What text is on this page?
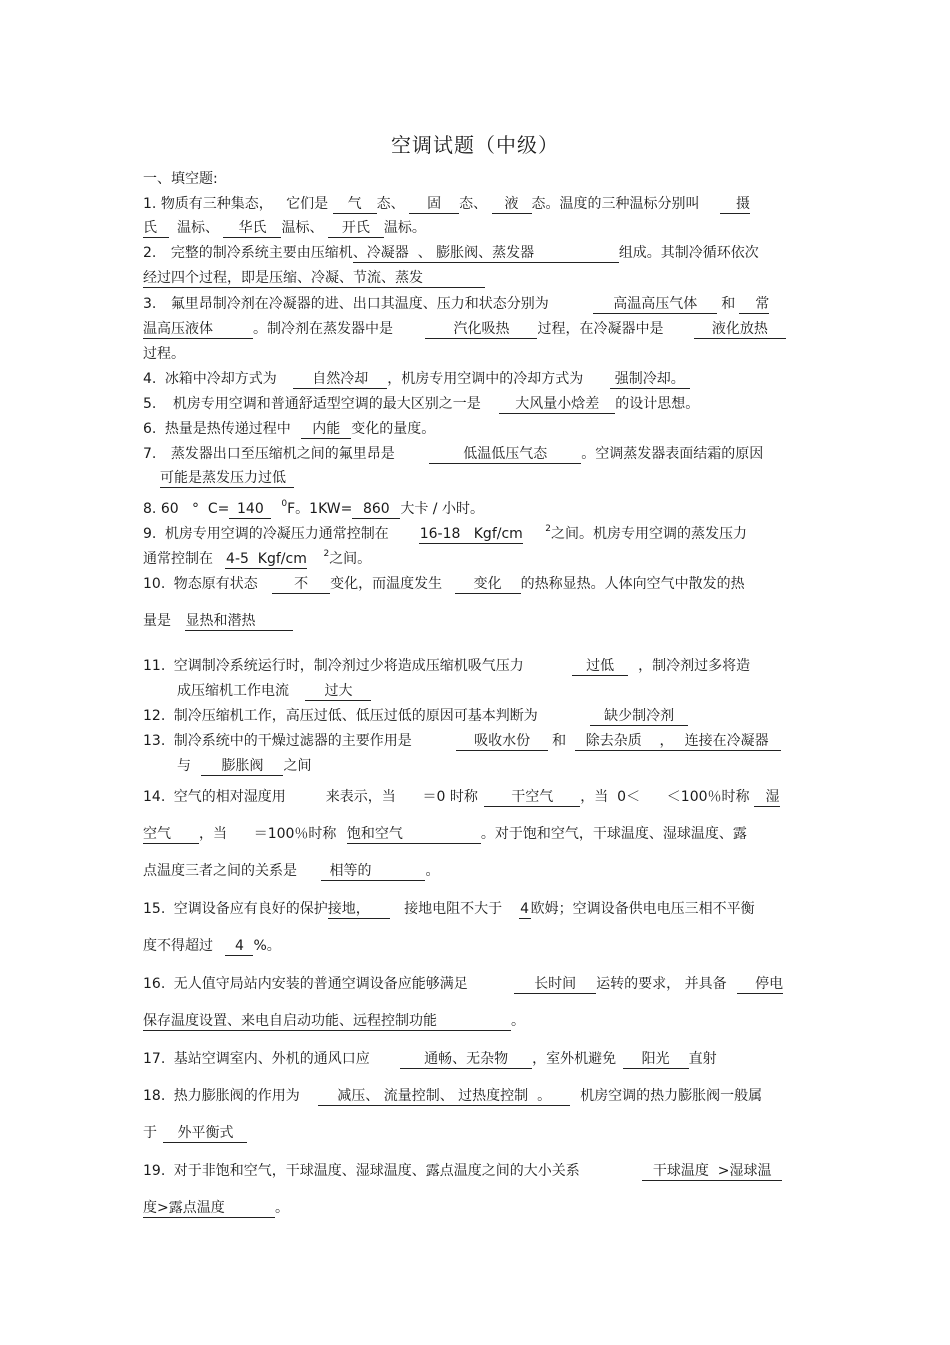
空调试题（中级）
一、填空题:
1. 物质有三种集态，   它们是 气 态、 固 态、 液 态。温度的三种温标分别叫	摄
氏 温标、 华氏 温标、 开氏 温标。
2. 完整的制冷系统主要由压缩机、冷凝器  、 膨胀阀、蒸发器	组成。其制冷循环依次
经过四个过程，即是压缩、冷凝、节流、蒸发
3. 氟里昂制冷剂在冷凝器的进、出口其温度、压力和状态分别为	高温高压气体 和 常
温高压液体	。制冷剂在蒸发器中是	汽化吸热 过程，在冷凝器中是	液化放热
过程。
4. 冰箱中冷却方式为	自然冷却 ，机房专用空调中的冷却方式为 强制冷却。
5. 机房专用空调和普通舒适型空调的最大区别之一是 大风量小焓差 的设计思想。
6. 热量是热传递过程中 内能 变化的量度。
7. 蒸发器出口至压缩机之间的氟里昂是	低温低压气态 。空调蒸发器表面结霜的原因
可能是蒸发压力过低
8. 60   °  C= 140 $^0$F。1KW= 860 大卡 / 小时。
9. 机房专用空调的冷凝压力通常控制在 16-18   Kgf/cm $^2$之间。机房专用空调的蒸发压力
通常控制在 4-5  Kgf/cm $^2$之间。
10. 物态原有状态	不 变化，而温度发生 变化 的热称显热。人体向空气中散发的热
量是 显热和潜热
11. 空调制冷系统运行时，制冷剂过少将造成压缩机吸气压力	过低 ，制冷剂过多将造
成压缩机工作电流	过大
12. 制冷压缩机工作，高压过低、低压过低的原因可基本判断为	缺少制冷剂
13. 制冷系统中的干燥过滤器的主要作用是	吸收水份 和 除去杂质    ， 连接在冷凝器
与 膨胀阀 之间
14. 空气的相对湿度用         来表示，当      ＝0 时称 干空气 ，当  0＜      ＜100％时称 湿
空气 ，当      ＝100％时称 饱和空气	。对于饱和空气，干球温度、湿球温度、露
点温度三者之间的关系是 相等的	。
15. 空调设备应有良好的保护接地， 接地电阻不大于 4 欧姆；空调设备供电电压三相不平衡
度不得超过 4 %。
16. 无人值守局站内安装的普通空调设备应能够满足	长时间 运转的要求， 并具备 停电
保存温度设置、来电自启动功能、远程控制功能	。
17. 基站空调室内、外机的通风口应	通畅、无杂物 ，室外机避免 阳光 直射
18. 热力膨胀阀的作用为	减压、 流量控制、 过热度控制  。 机房空调的热力膨胀阀一般属
于 外平衡式
19. 对于非饱和空气，干球温度、湿球温度、露点温度之间的大小关系	干球温度  >湿球温
度>露点温度	。
